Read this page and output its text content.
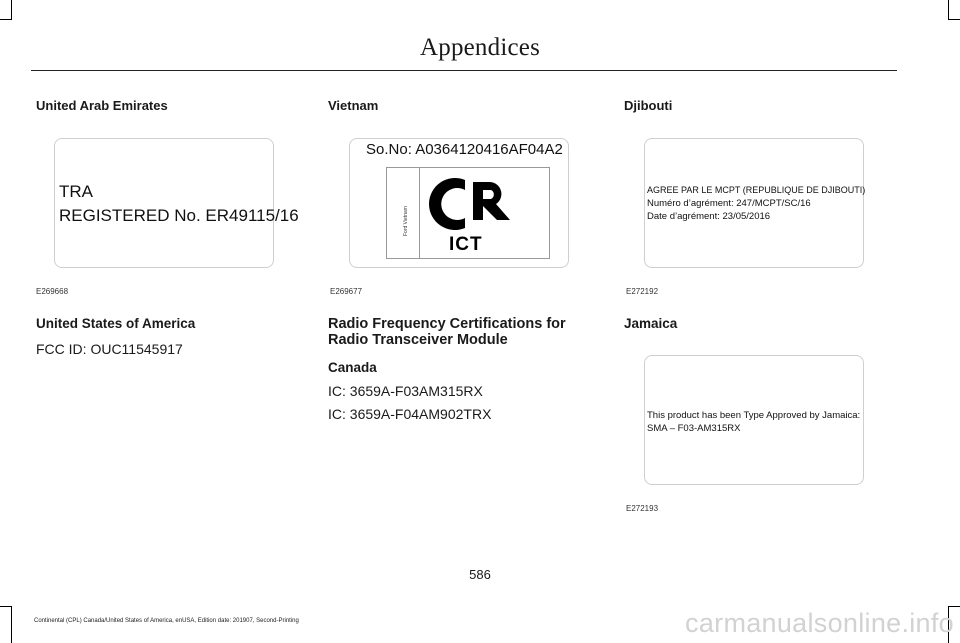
Appendices
United Arab Emirates
TRA
REGISTERED No. ER49115/16
E269668
United States of America
FCC ID: OUC11545917
Vietnam
So.No: A0364120416AF04A2
Ford Vietnam
ICT
E269677
Radio Frequency Certifications for
Radio Transceiver Module
Canada
IC: 3659A-F03AM315RX
IC: 3659A-F04AM902TRX
Djibouti
AGREE PAR LE MCPT (REPUBLIQUE DE DJIBOUTI)
Numéro d’agrément: 247/MCPT/SC/16
Date d’agrément: 23/05/2016
E272192
Jamaica
This product has been Type Approved by Jamaica:
SMA – F03-AM315RX
E272193
586
Continental (CPL) Canada/United States of America, enUSA, Edition date: 201907, Second-Printing	carmanualsonline.info
